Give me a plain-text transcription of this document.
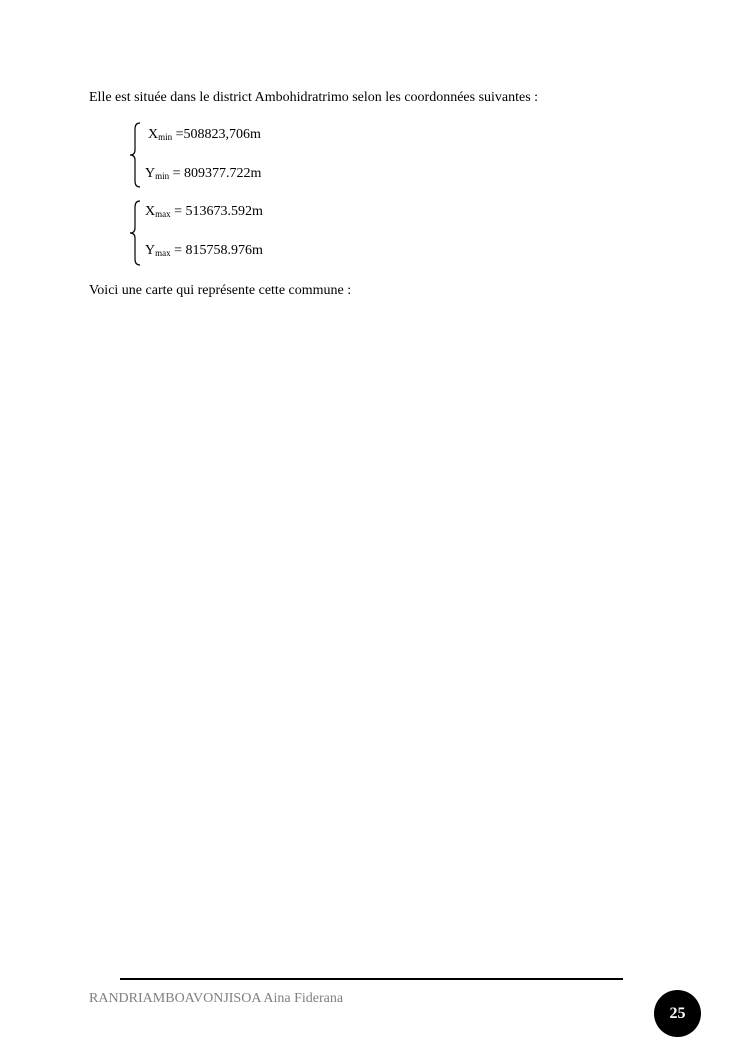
Elle est située dans le district Ambohidratrimo selon les coordonnées suivantes :

$X_{min} =508823,706m$
$Y_{min} = 809377.722m$
$X_{max} = 513673.592m$
$Y_{max} = 815758.976m$

Voici une carte qui représente cette commune :

RANDRIAMBOAVONJISOA Aina Fiderana
25
